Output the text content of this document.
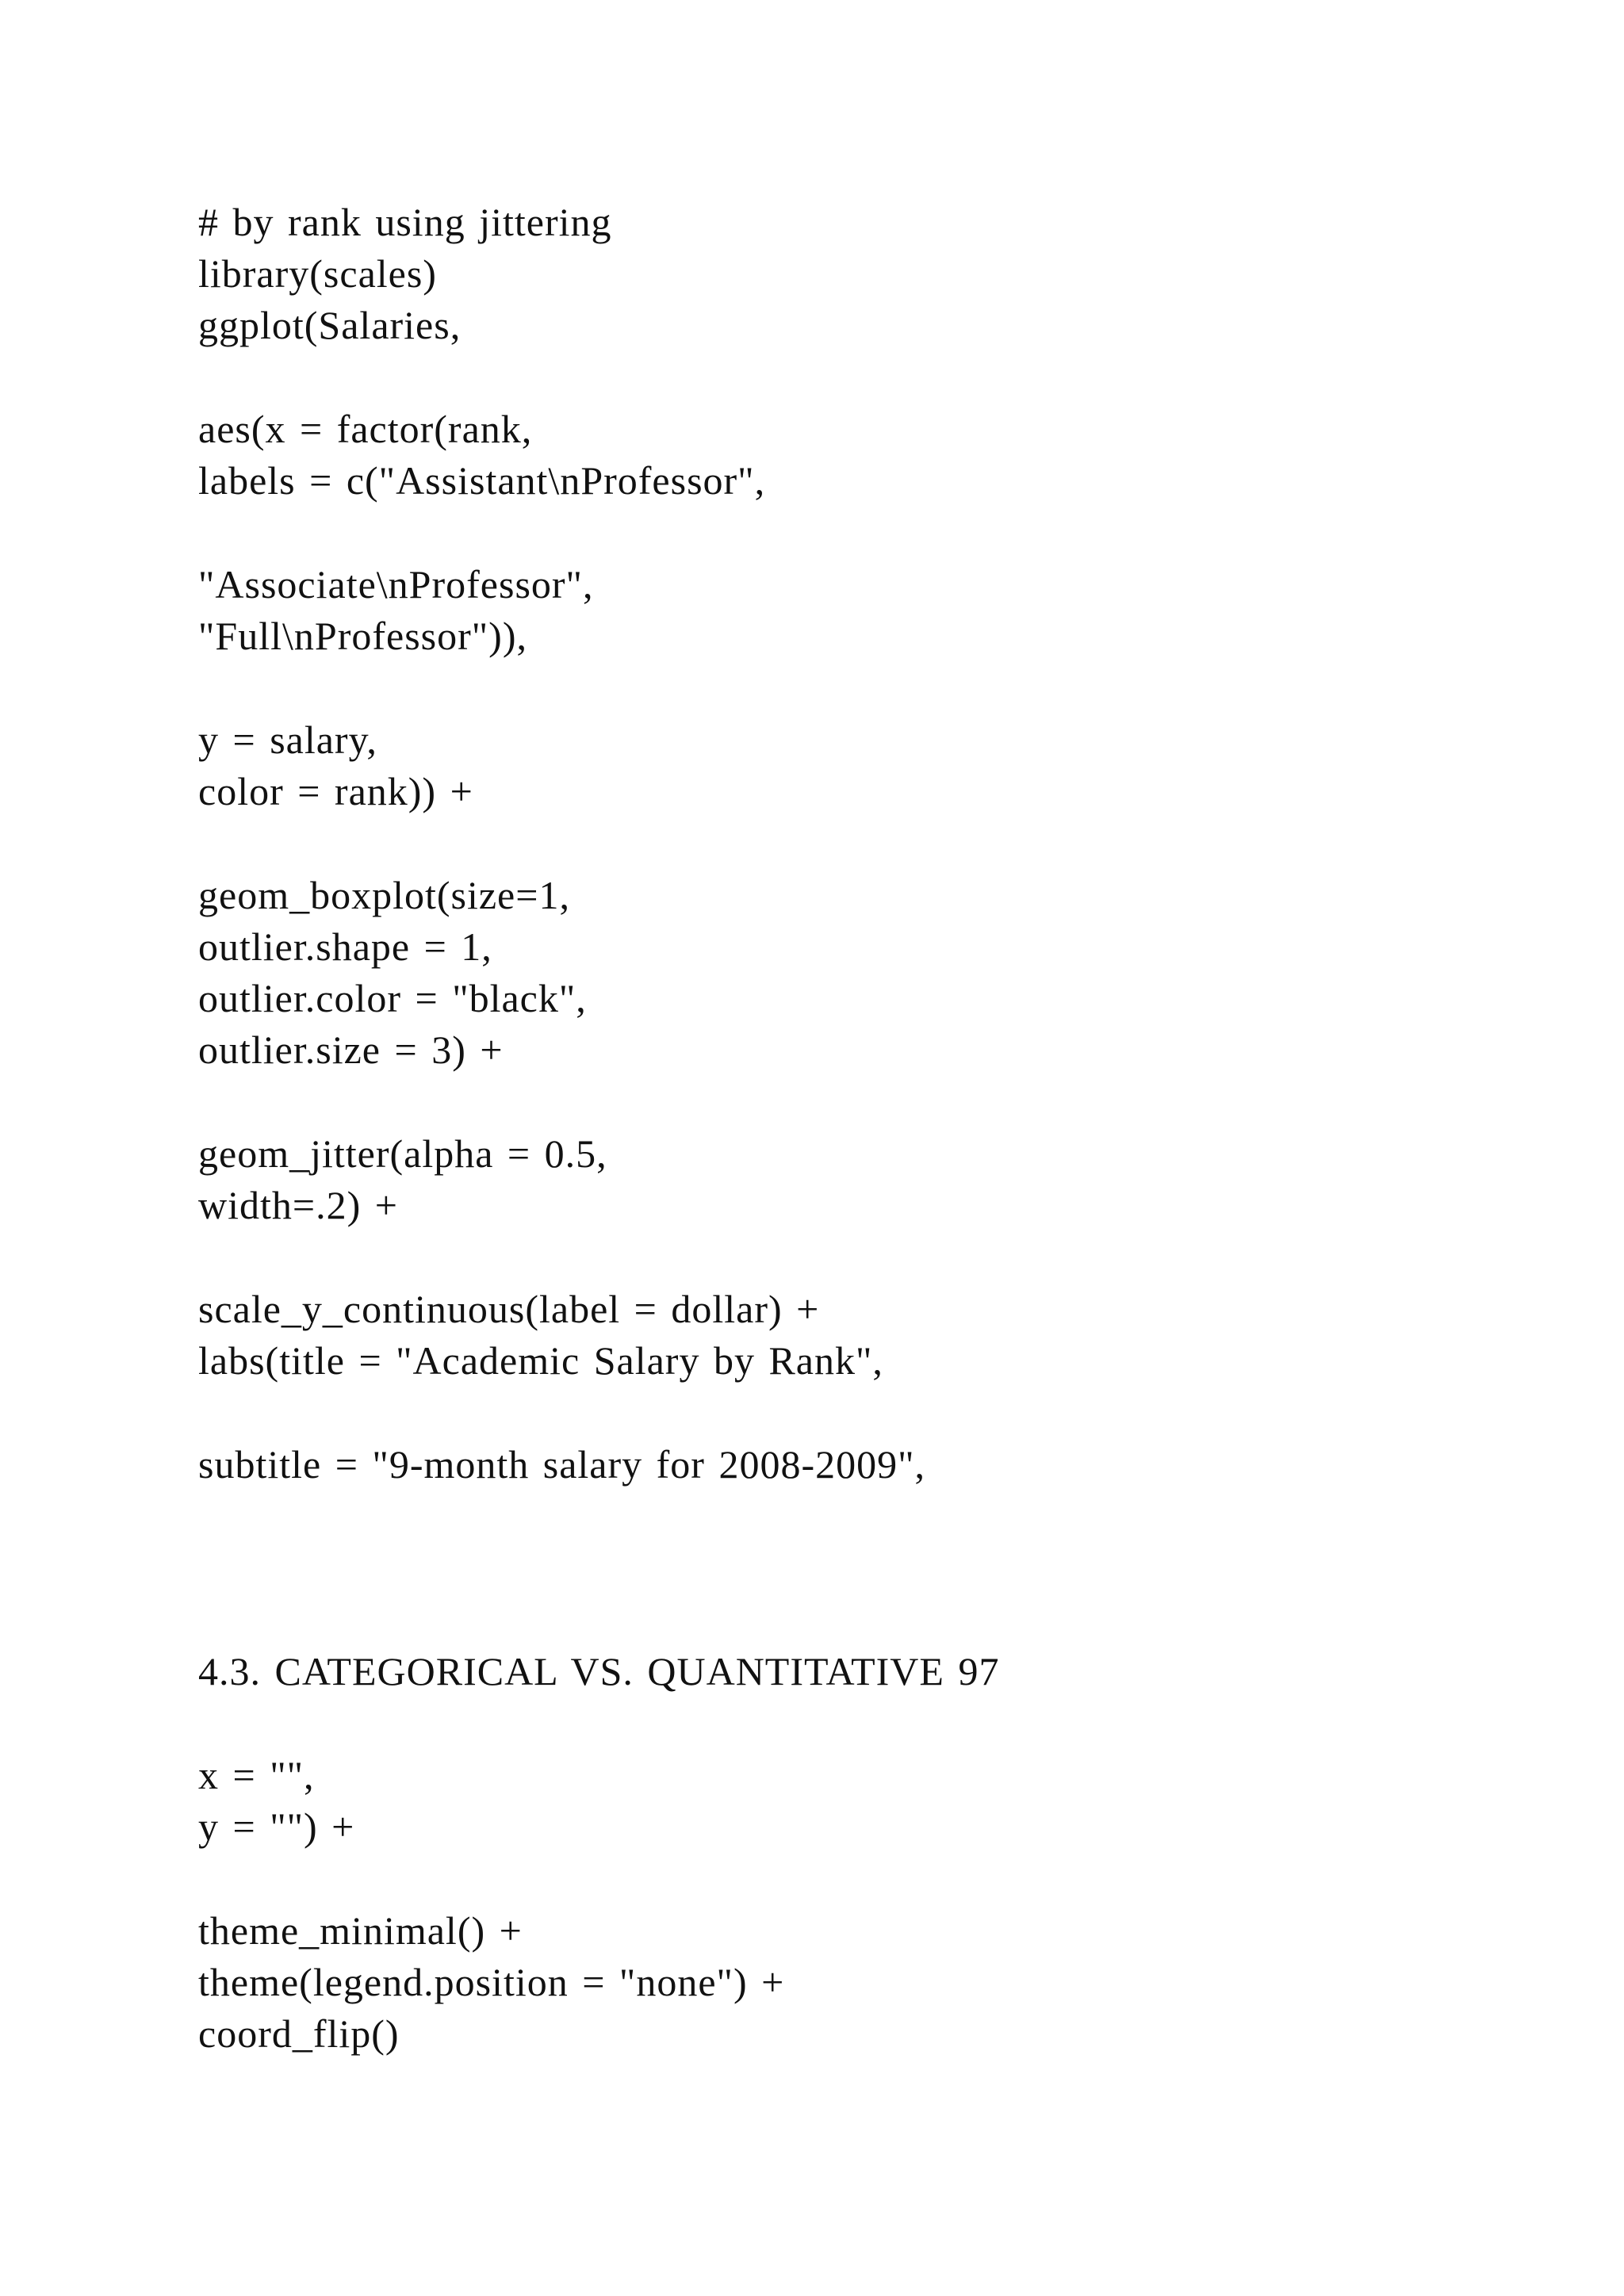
# by rank using jittering
library(scales)
ggplot(Salaries,
aes(x = factor(rank,
labels = c("Assistant\nProfessor",
"Associate\nProfessor",
"Full\nProfessor")),
y = salary,
color = rank)) +
geom_boxplot(size=1,
outlier.shape = 1,
outlier.color = "black",
outlier.size = 3) +
geom_jitter(alpha = 0.5,
width=.2) +
scale_y_continuous(label = dollar) +
labs(title = "Academic Salary by Rank",
subtitle = "9-month salary for 2008-2009",
4.3. CATEGORICAL VS. QUANTITATIVE 97
x = "",
y = "") +
theme_minimal() +
theme(legend.position = "none") +
coord_flip()
